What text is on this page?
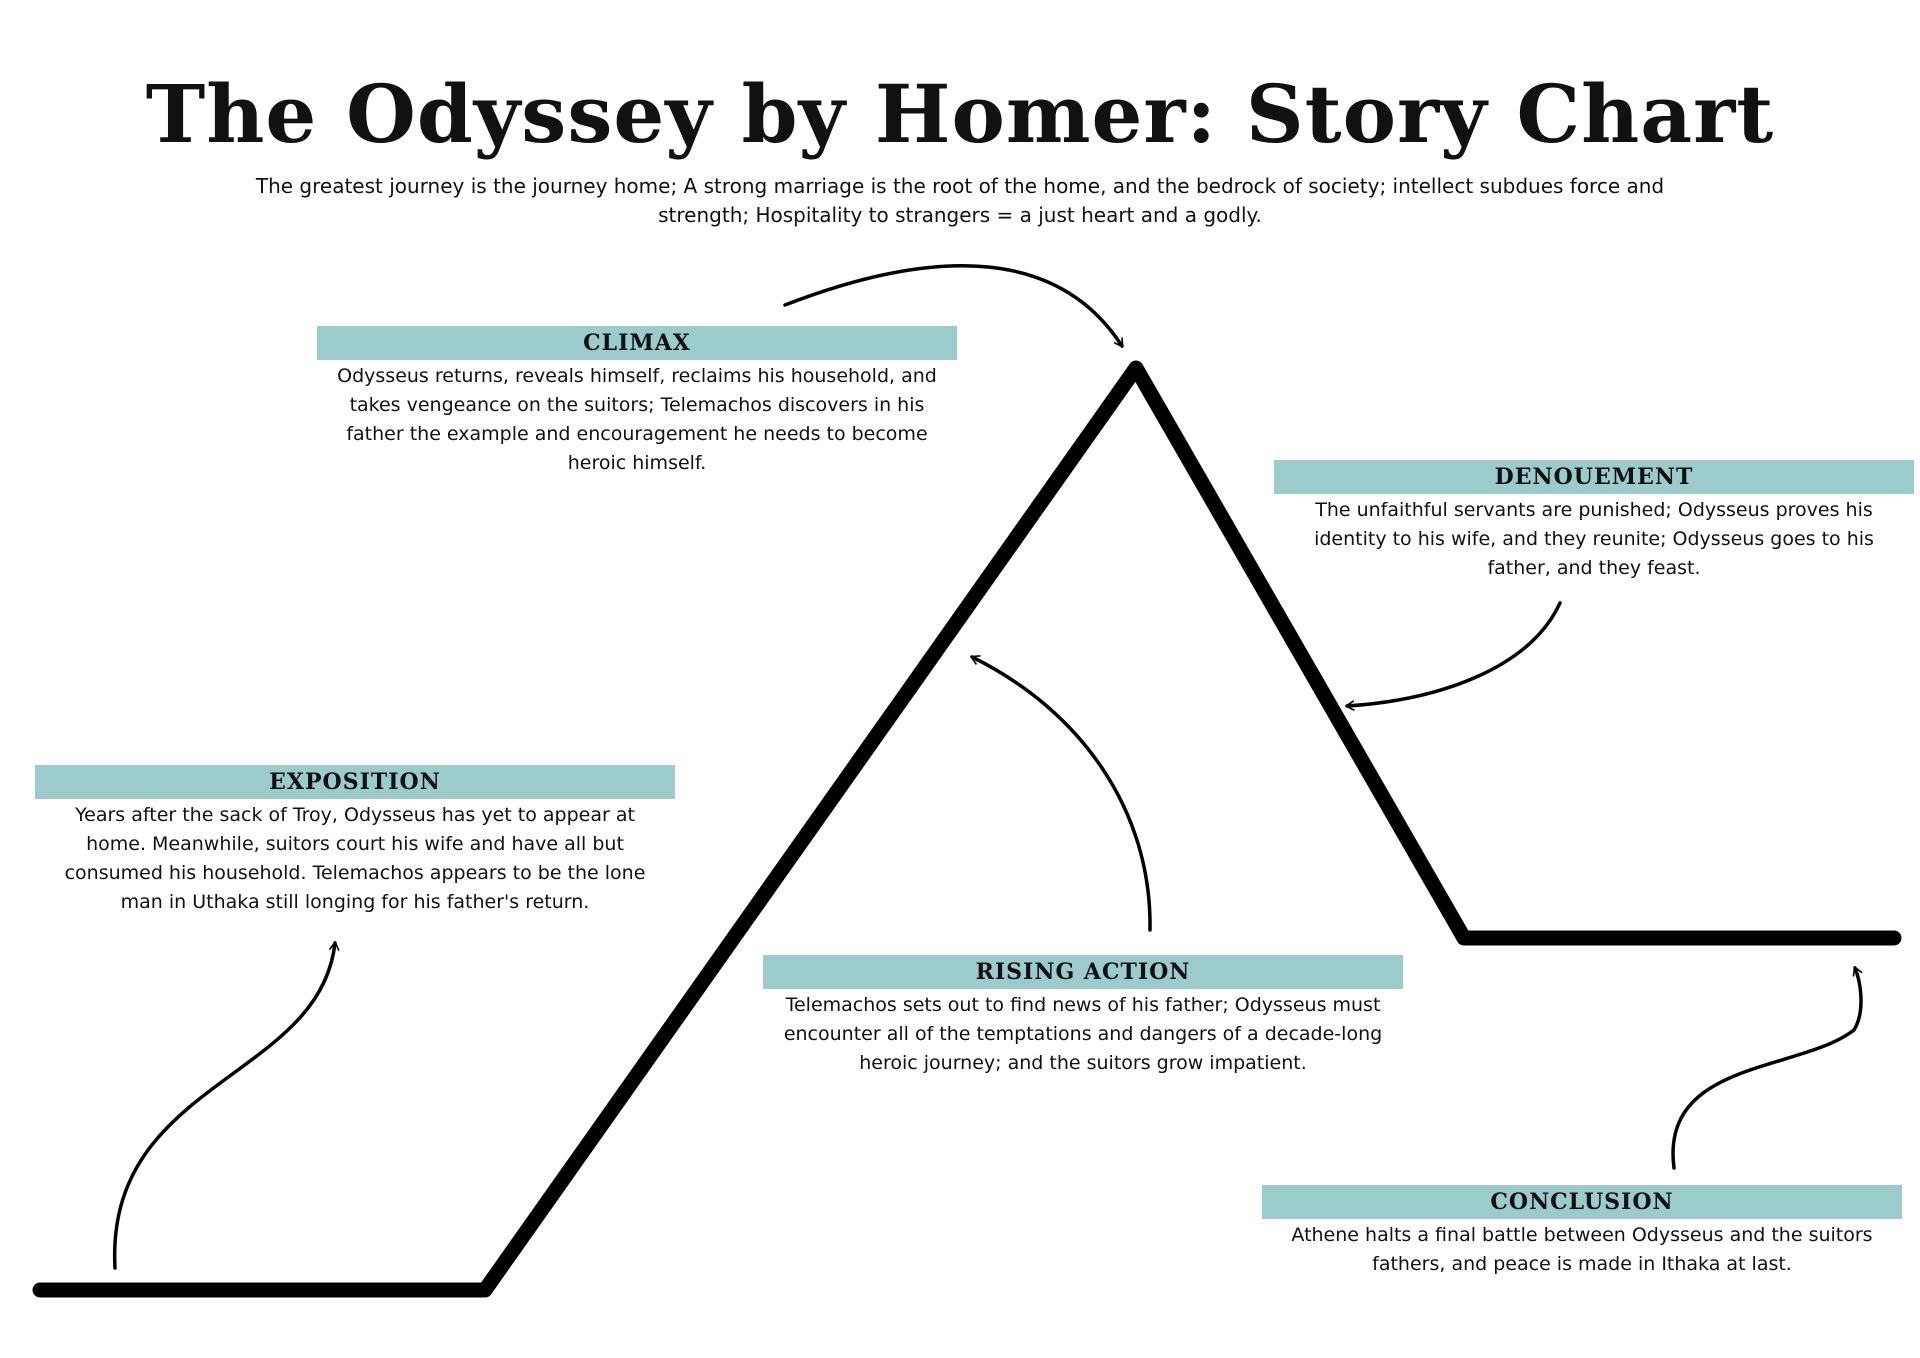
The Odyssey by Homer: Story Chart

The greatest journey is the journey home; A strong marriage is the root of the home, and the bedrock of society; intellect subdues force and strength; Hospitality to strangers = a just heart and a godly.

CLIMAX
Odysseus returns, reveals himself, reclaims his household, and takes vengeance on the suitors; Telemachos discovers in his father the example and encouragement he needs to become heroic himself.
DENOUEMENT
The unfaithful servants are punished; Odysseus proves his identity to his wife, and they reunite; Odysseus goes to his father, and they feast.
EXPOSITION
Years after the sack of Troy, Odysseus has yet to appear at home. Meanwhile, suitors court his wife and have all but consumed his household. Telemachos appears to be the lone man in Uthaka still longing for his father's return.
RISING ACTION
Telemachos sets out to find news of his father; Odysseus must encounter all of the temptations and dangers of a decade-long heroic journey; and the suitors grow impatient.
CONCLUSION
Athene halts a final battle between Odysseus and the suitors fathers, and peace is made in Ithaka at last.
